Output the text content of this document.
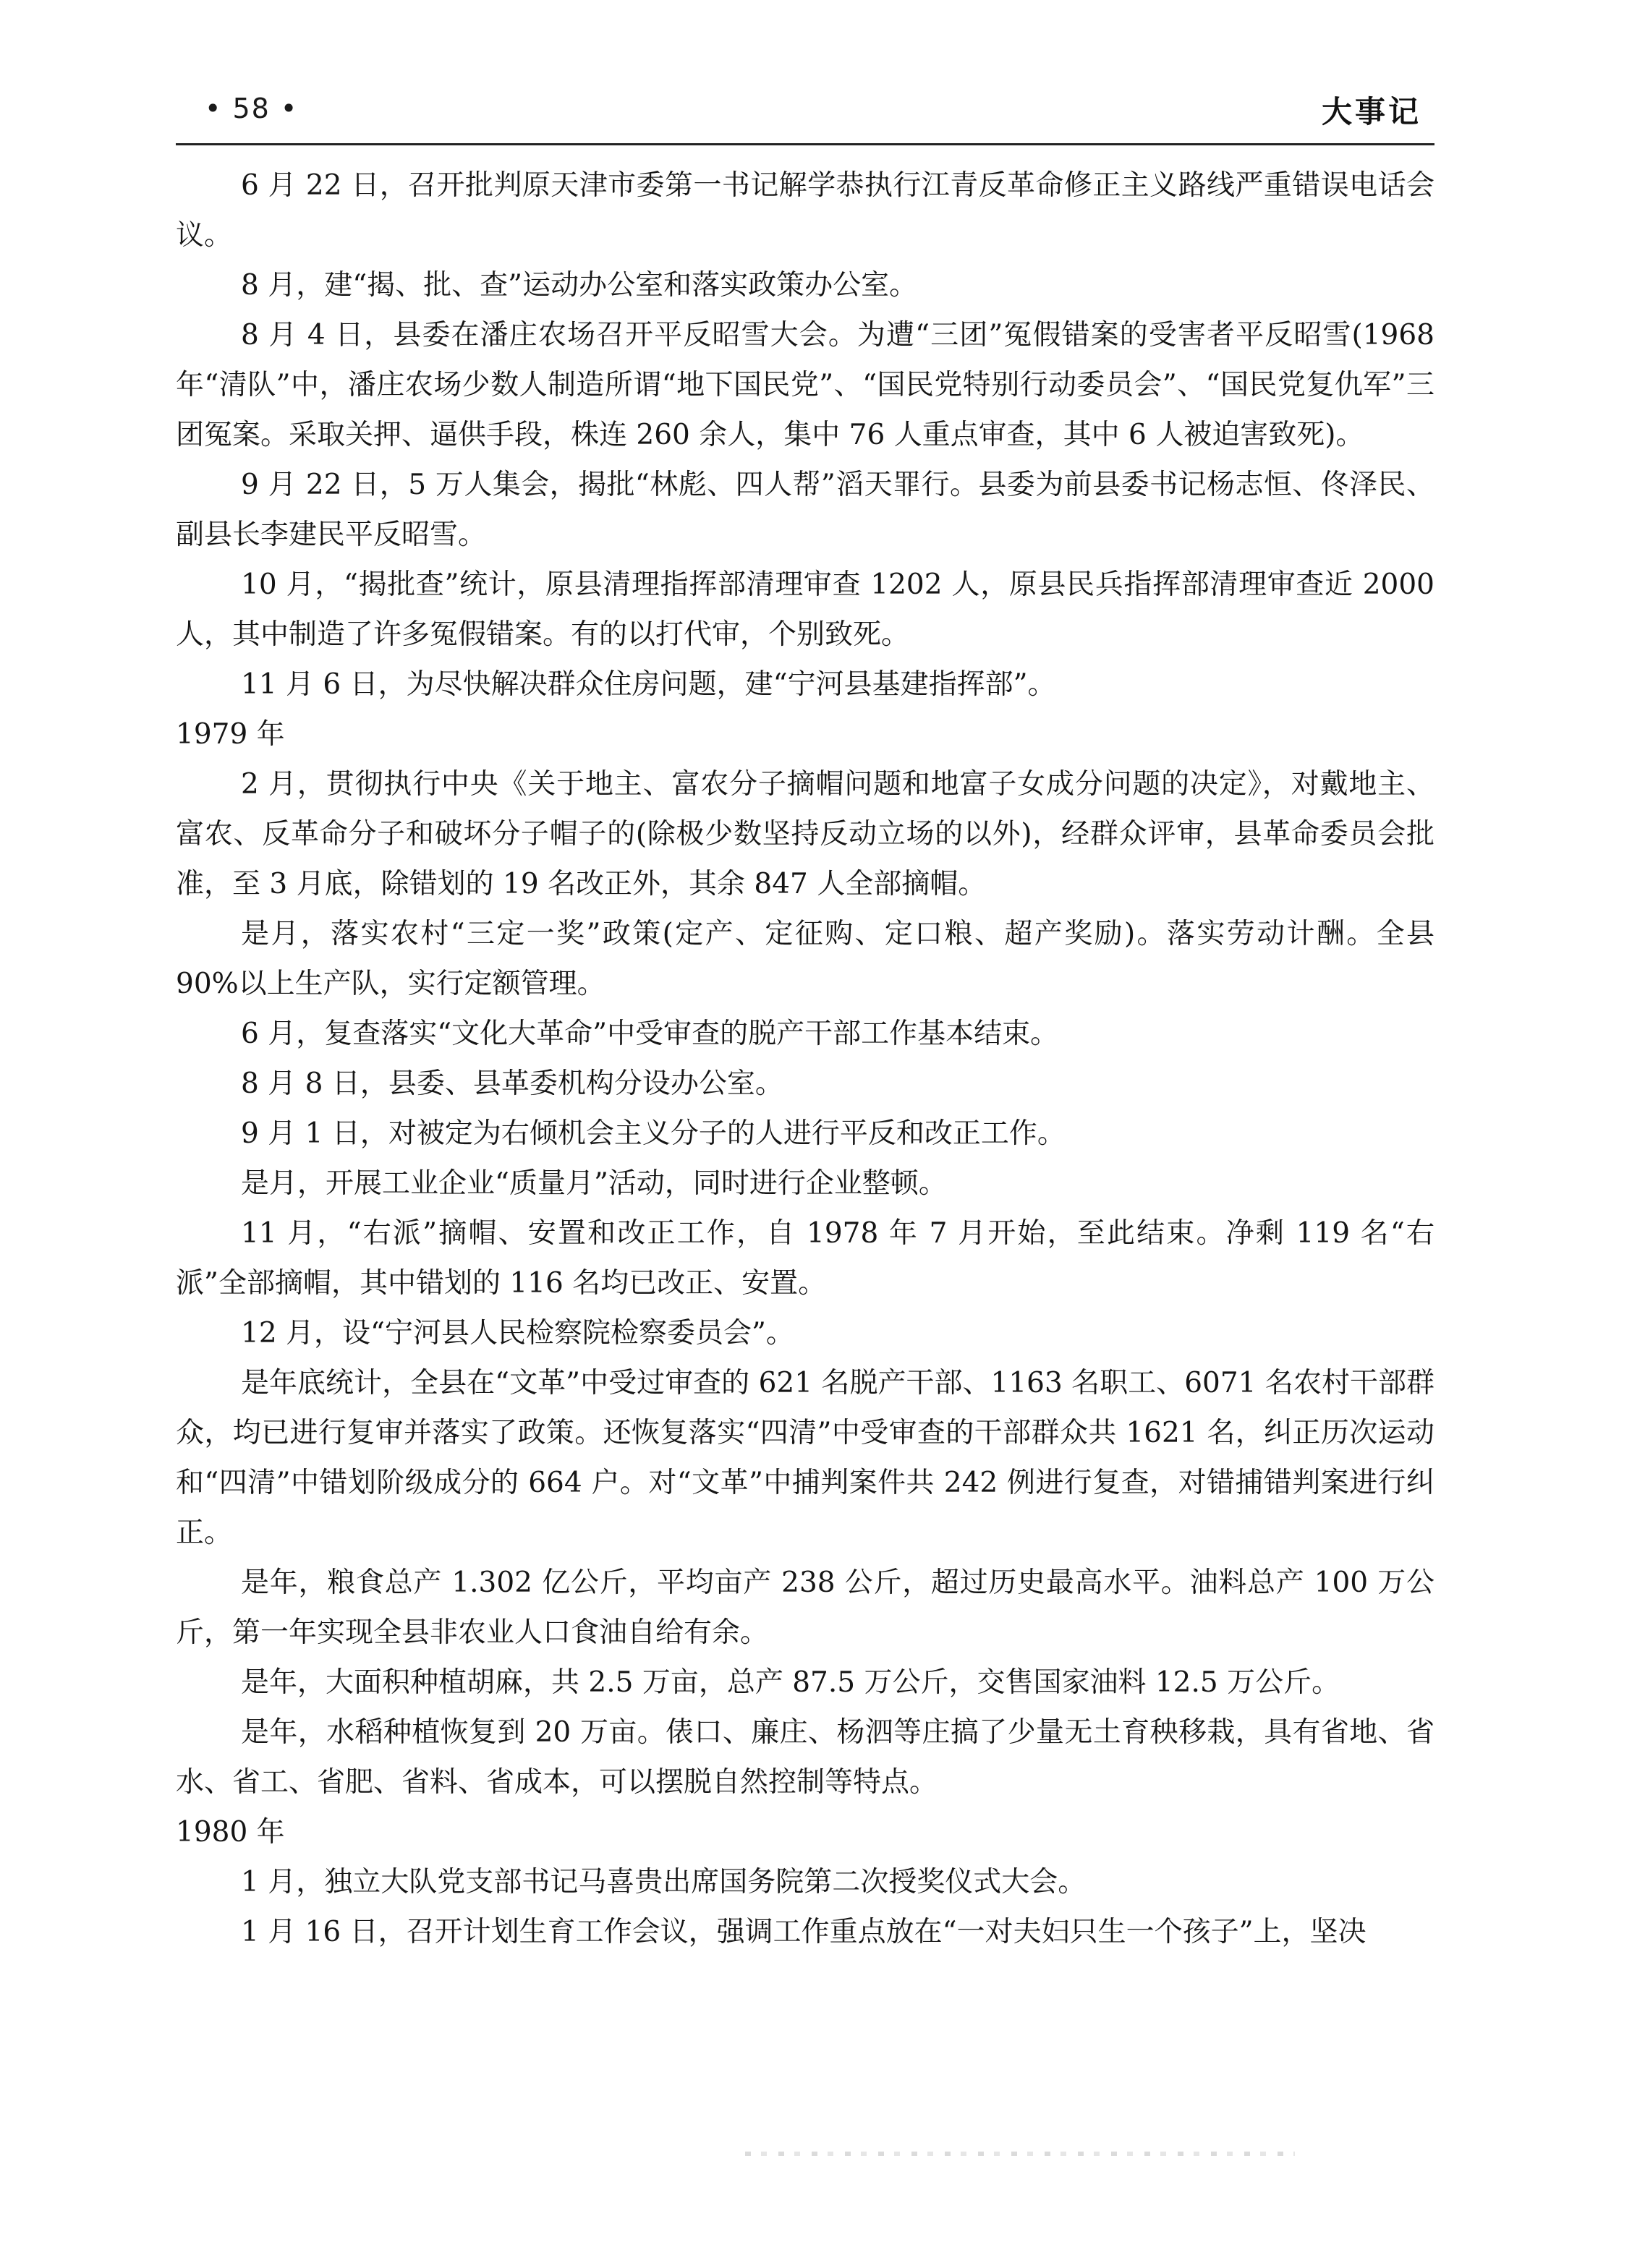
• 58 •	大事记

6 月 22 日，召开批判原天津市委第一书记解学恭执行江青反革命修正主义路线严重错误电话会议。

8 月，建“揭、批、查”运动办公室和落实政策办公室。

8 月 4 日，县委在潘庄农场召开平反昭雪大会。为遭“三团”冤假错案的受害者平反昭雪(1968 年“清队”中，潘庄农场少数人制造所谓“地下国民党”、“国民党特别行动委员会”、“国民党复仇军”三团冤案。采取关押、逼供手段，株连 260 余人，集中 76 人重点审查，其中 6 人被迫害致死)。

9 月 22 日，5 万人集会，揭批“林彪、四人帮”滔天罪行。县委为前县委书记杨志恒、佟泽民、副县长李建民平反昭雪。

10 月，“揭批查”统计，原县清理指挥部清理审查 1202 人，原县民兵指挥部清理审查近 2000 人，其中制造了许多冤假错案。有的以打代审，个别致死。

11 月 6 日，为尽快解决群众住房问题，建“宁河县基建指挥部”。

1979 年

2 月，贯彻执行中央《关于地主、富农分子摘帽问题和地富子女成分问题的决定》，对戴地主、富农、反革命分子和破坏分子帽子的(除极少数坚持反动立场的以外)，经群众评审，县革命委员会批准，至 3 月底，除错划的 19 名改正外，其余 847 人全部摘帽。

是月，落实农村“三定一奖”政策(定产、定征购、定口粮、超产奖励)。落实劳动计酬。全县 90%以上生产队，实行定额管理。

6 月，复查落实“文化大革命”中受审查的脱产干部工作基本结束。

8 月 8 日，县委、县革委机构分设办公室。

9 月 1 日，对被定为右倾机会主义分子的人进行平反和改正工作。

是月，开展工业企业“质量月”活动，同时进行企业整顿。

11 月，“右派”摘帽、安置和改正工作，自 1978 年 7 月开始，至此结束。净剩 119 名“右派”全部摘帽，其中错划的 116 名均已改正、安置。

12 月，设“宁河县人民检察院检察委员会”。

是年底统计，全县在“文革”中受过审查的 621 名脱产干部、1163 名职工、6071 名农村干部群众，均已进行复审并落实了政策。还恢复落实“四清”中受审查的干部群众共 1621 名，纠正历次运动和“四清”中错划阶级成分的 664 户。对“文革”中捕判案件共 242 例进行复查，对错捕错判案进行纠正。

是年，粮食总产 1.302 亿公斤，平均亩产 238 公斤，超过历史最高水平。油料总产 100 万公斤，第一年实现全县非农业人口食油自给有余。

是年，大面积种植胡麻，共 2.5 万亩，总产 87.5 万公斤，交售国家油料 12.5 万公斤。

是年，水稻种植恢复到 20 万亩。俵口、廉庄、杨泗等庄搞了少量无土育秧移栽，具有省地、省水、省工、省肥、省料、省成本，可以摆脱自然控制等特点。

1980 年

1 月，独立大队党支部书记马喜贵出席国务院第二次授奖仪式大会。

1 月 16 日，召开计划生育工作会议，强调工作重点放在“一对夫妇只生一个孩子”上，坚决
